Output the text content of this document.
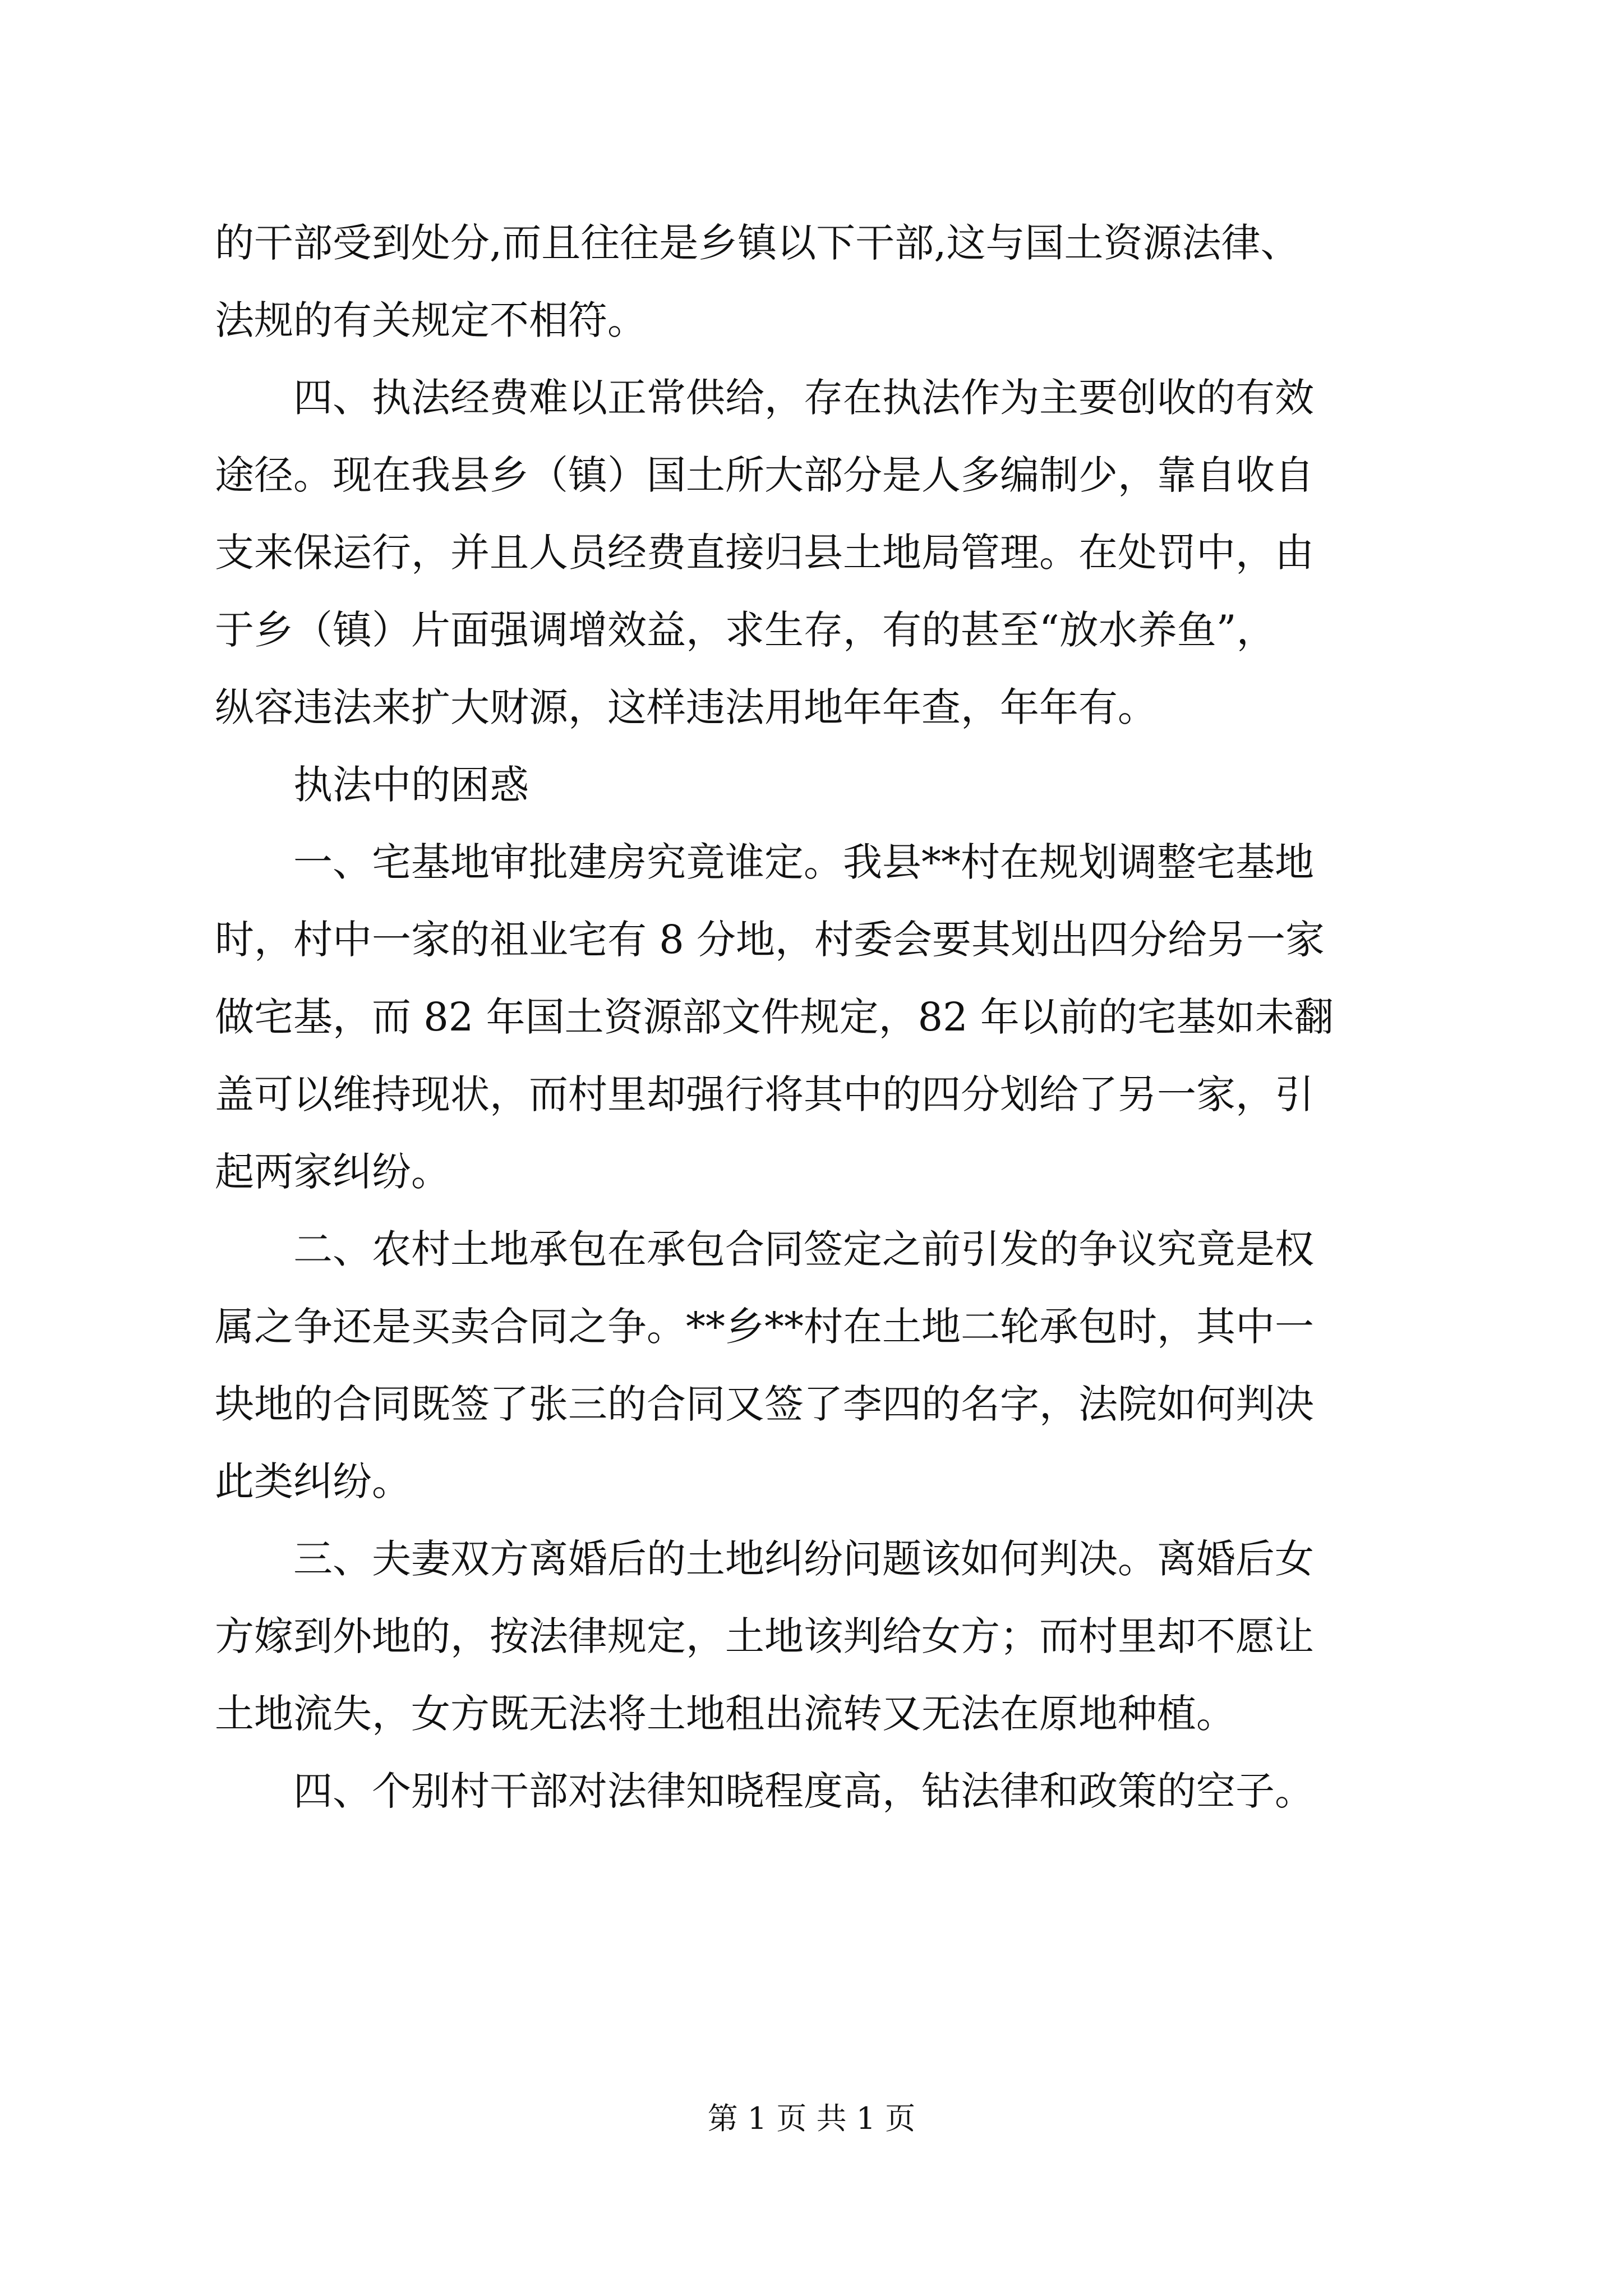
的干部受到处分,而且往往是乡镇以下干部,这与国土资源法律、
法规的有关规定不相符。
四、执法经费难以正常供给，存在执法作为主要创收的有效
途径。现在我县乡（镇）国土所大部分是人多编制少，靠自收自
支来保运行，并且人员经费直接归县土地局管理。在处罚中，由
于乡（镇）片面强调增效益，求生存，有的甚至“放水养鱼”，
纵容违法来扩大财源，这样违法用地年年查，年年有。
执法中的困惑
一、宅基地审批建房究竟谁定。我县**村在规划调整宅基地
时，村中一家的祖业宅有 8 分地，村委会要其划出四分给另一家
做宅基，而 82 年国土资源部文件规定，82 年以前的宅基如未翻
盖可以维持现状，而村里却强行将其中的四分划给了另一家，引
起两家纠纷。
二、农村土地承包在承包合同签定之前引发的争议究竟是权
属之争还是买卖合同之争。**乡**村在土地二轮承包时，其中一
块地的合同既签了张三的合同又签了李四的名字，法院如何判决
此类纠纷。
三、夫妻双方离婚后的土地纠纷问题该如何判决。离婚后女
方嫁到外地的，按法律规定，土地该判给女方；而村里却不愿让
土地流失，女方既无法将土地租出流转又无法在原地种植。
四、个别村干部对法律知晓程度高，钻法律和政策的空子。
第 1 页 共 1 页
